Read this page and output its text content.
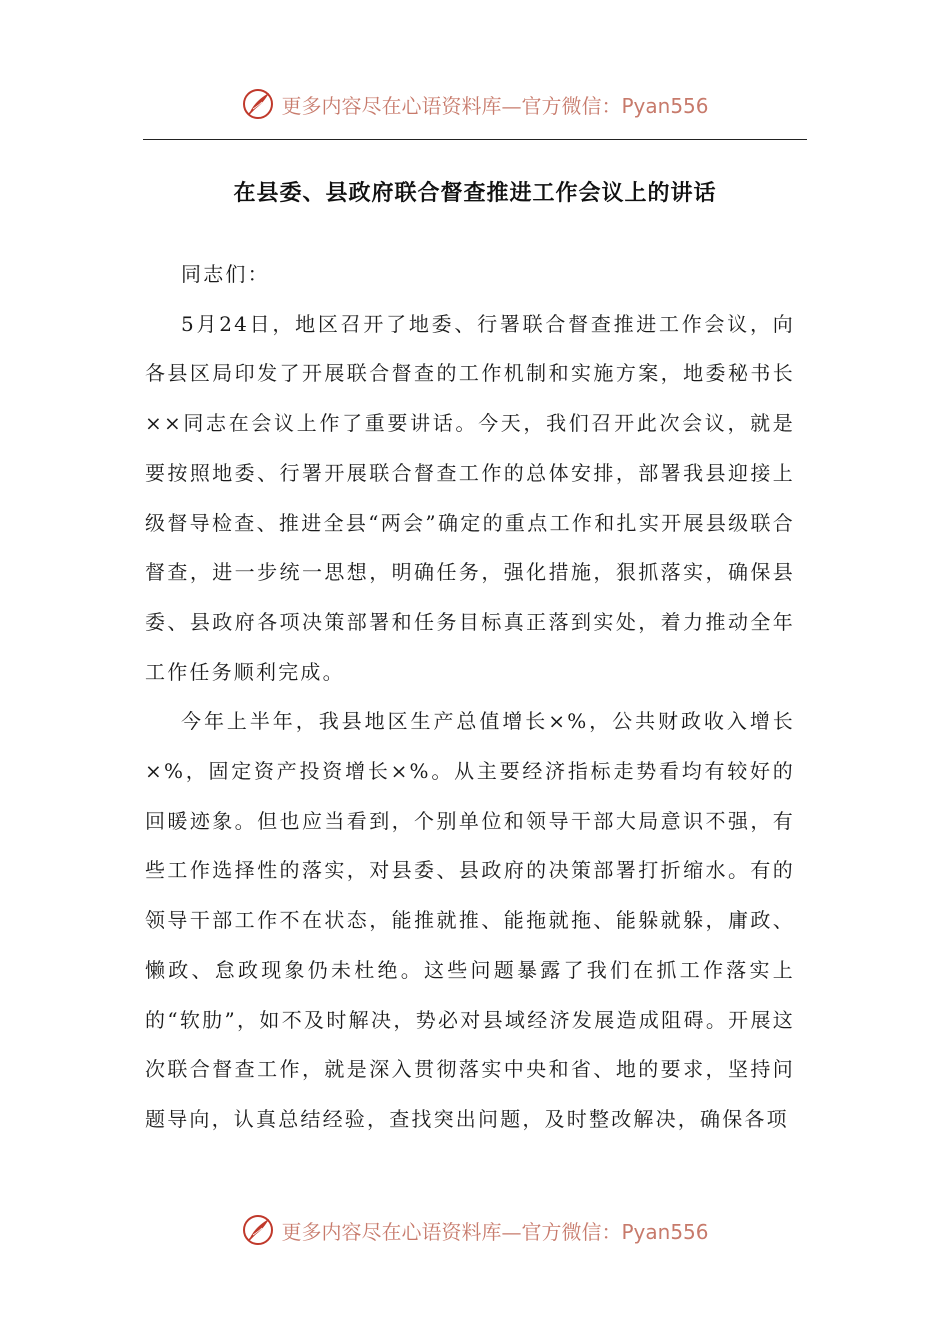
更多内容尽在心语资料库—官方微信：Pyan556
在县委、县政府联合督查推进工作会议上的讲话

同志们：

5月24日，地区召开了地委、行署联合督查推进工作会议，向各县区局印发了开展联合督查的工作机制和实施方案，地委秘书长××同志在会议上作了重要讲话。今天，我们召开此次会议，就是要按照地委、行署开展联合督查工作的总体安排，部署我县迎接上级督导检查、推进全县“两会”确定的重点工作和扎实开展县级联合督查，进一步统一思想，明确任务，强化措施，狠抓落实，确保县委、县政府各项决策部署和任务目标真正落到实处，着力推动全年工作任务顺利完成。

今年上半年，我县地区生产总值增长×%，公共财政收入增长×%，固定资产投资增长×%。从主要经济指标走势看均有较好的回暖迹象。但也应当看到，个别单位和领导干部大局意识不强，有些工作选择性的落实，对县委、县政府的决策部署打折缩水。有的领导干部工作不在状态，能推就推、能拖就拖、能躲就躲，庸政、懒政、怠政现象仍未杜绝。这些问题暴露了我们在抓工作落实上的“软肋”，如不及时解决，势必对县域经济发展造成阻碍。开展这次联合督查工作，就是深入贯彻落实中央和省、地的要求，坚持问题导向，认真总结经验，查找突出问题，及时整改解决，确保各项

更多内容尽在心语资料库—官方微信：Pyan556
